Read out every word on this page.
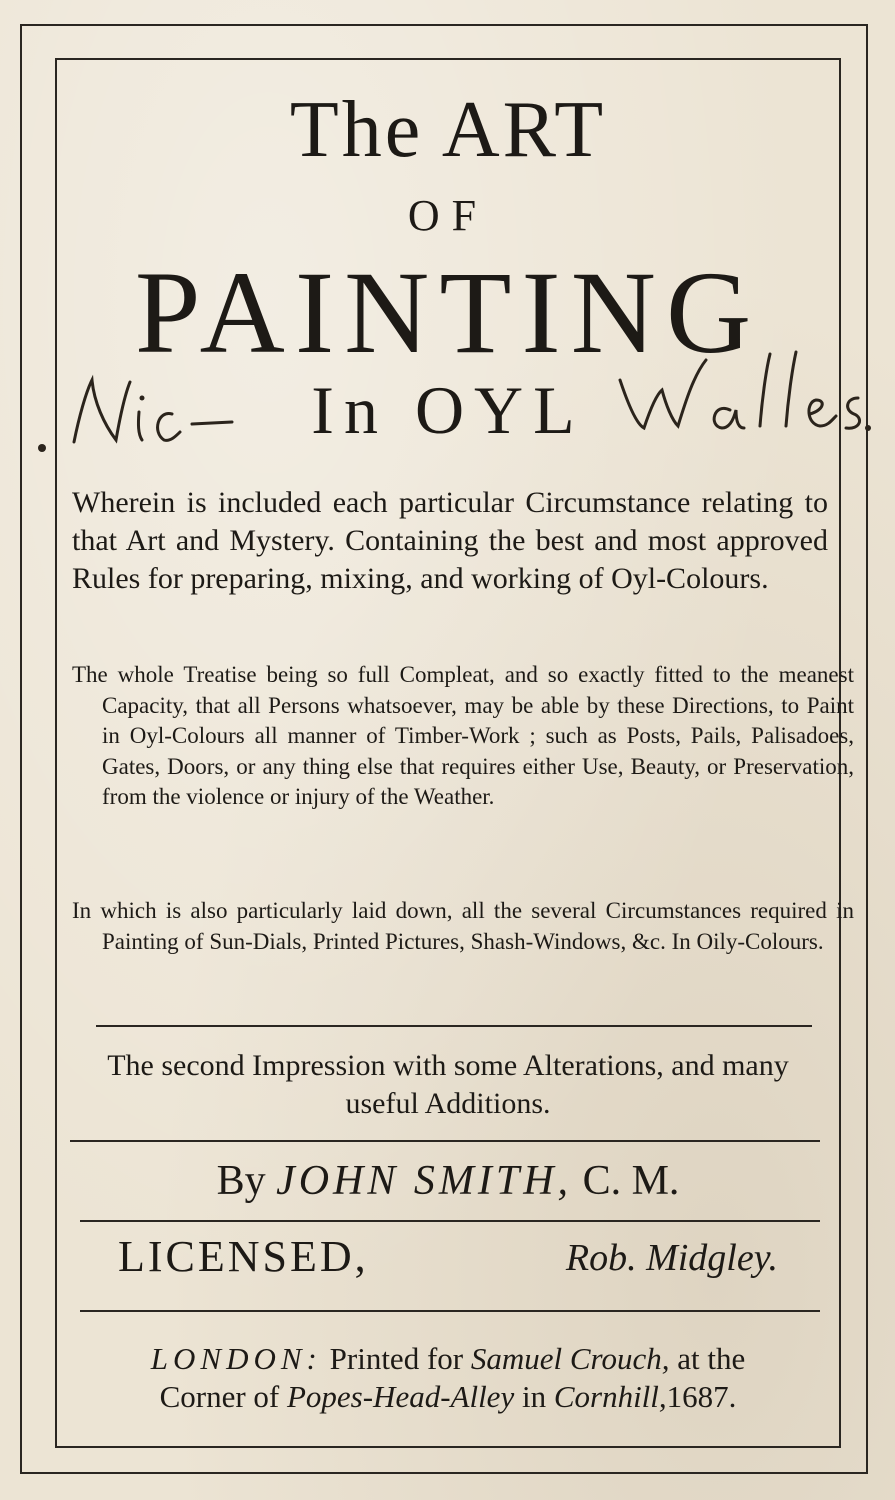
The ART
OF
PAINTING
In OYL
Wherein is included each particular Circumstance relating to that Art and Mystery. Containing the best and most approved Rules for preparing, mixing, and working of Oyl-Colours.
The whole Treatise being so full Compleat, and so exactly fitted to the meanest Capacity, that all Persons whatsoever, may be able by these Directions, to Paint in Oyl-Colours all manner of Timber-Work ; such as Posts, Pails, Palisadoes, Gates, Doors, or any thing else that requires either Use, Beauty, or Preservation, from the violence or injury of the Weather.
In which is also particularly laid down, all the several Circumstances required in Painting of Sun-Dials, Printed Pictures, Shash-Windows, &c. In Oily-Colours.
The second Impression with some Alterations, and many useful Additions.
By JOHN SMITH, C. M.
LICENSED,	Rob. Midgley.
LONDON: Printed for Samuel Crouch, at the
Corner of Popes-Head-Alley in Cornhill,1687.
